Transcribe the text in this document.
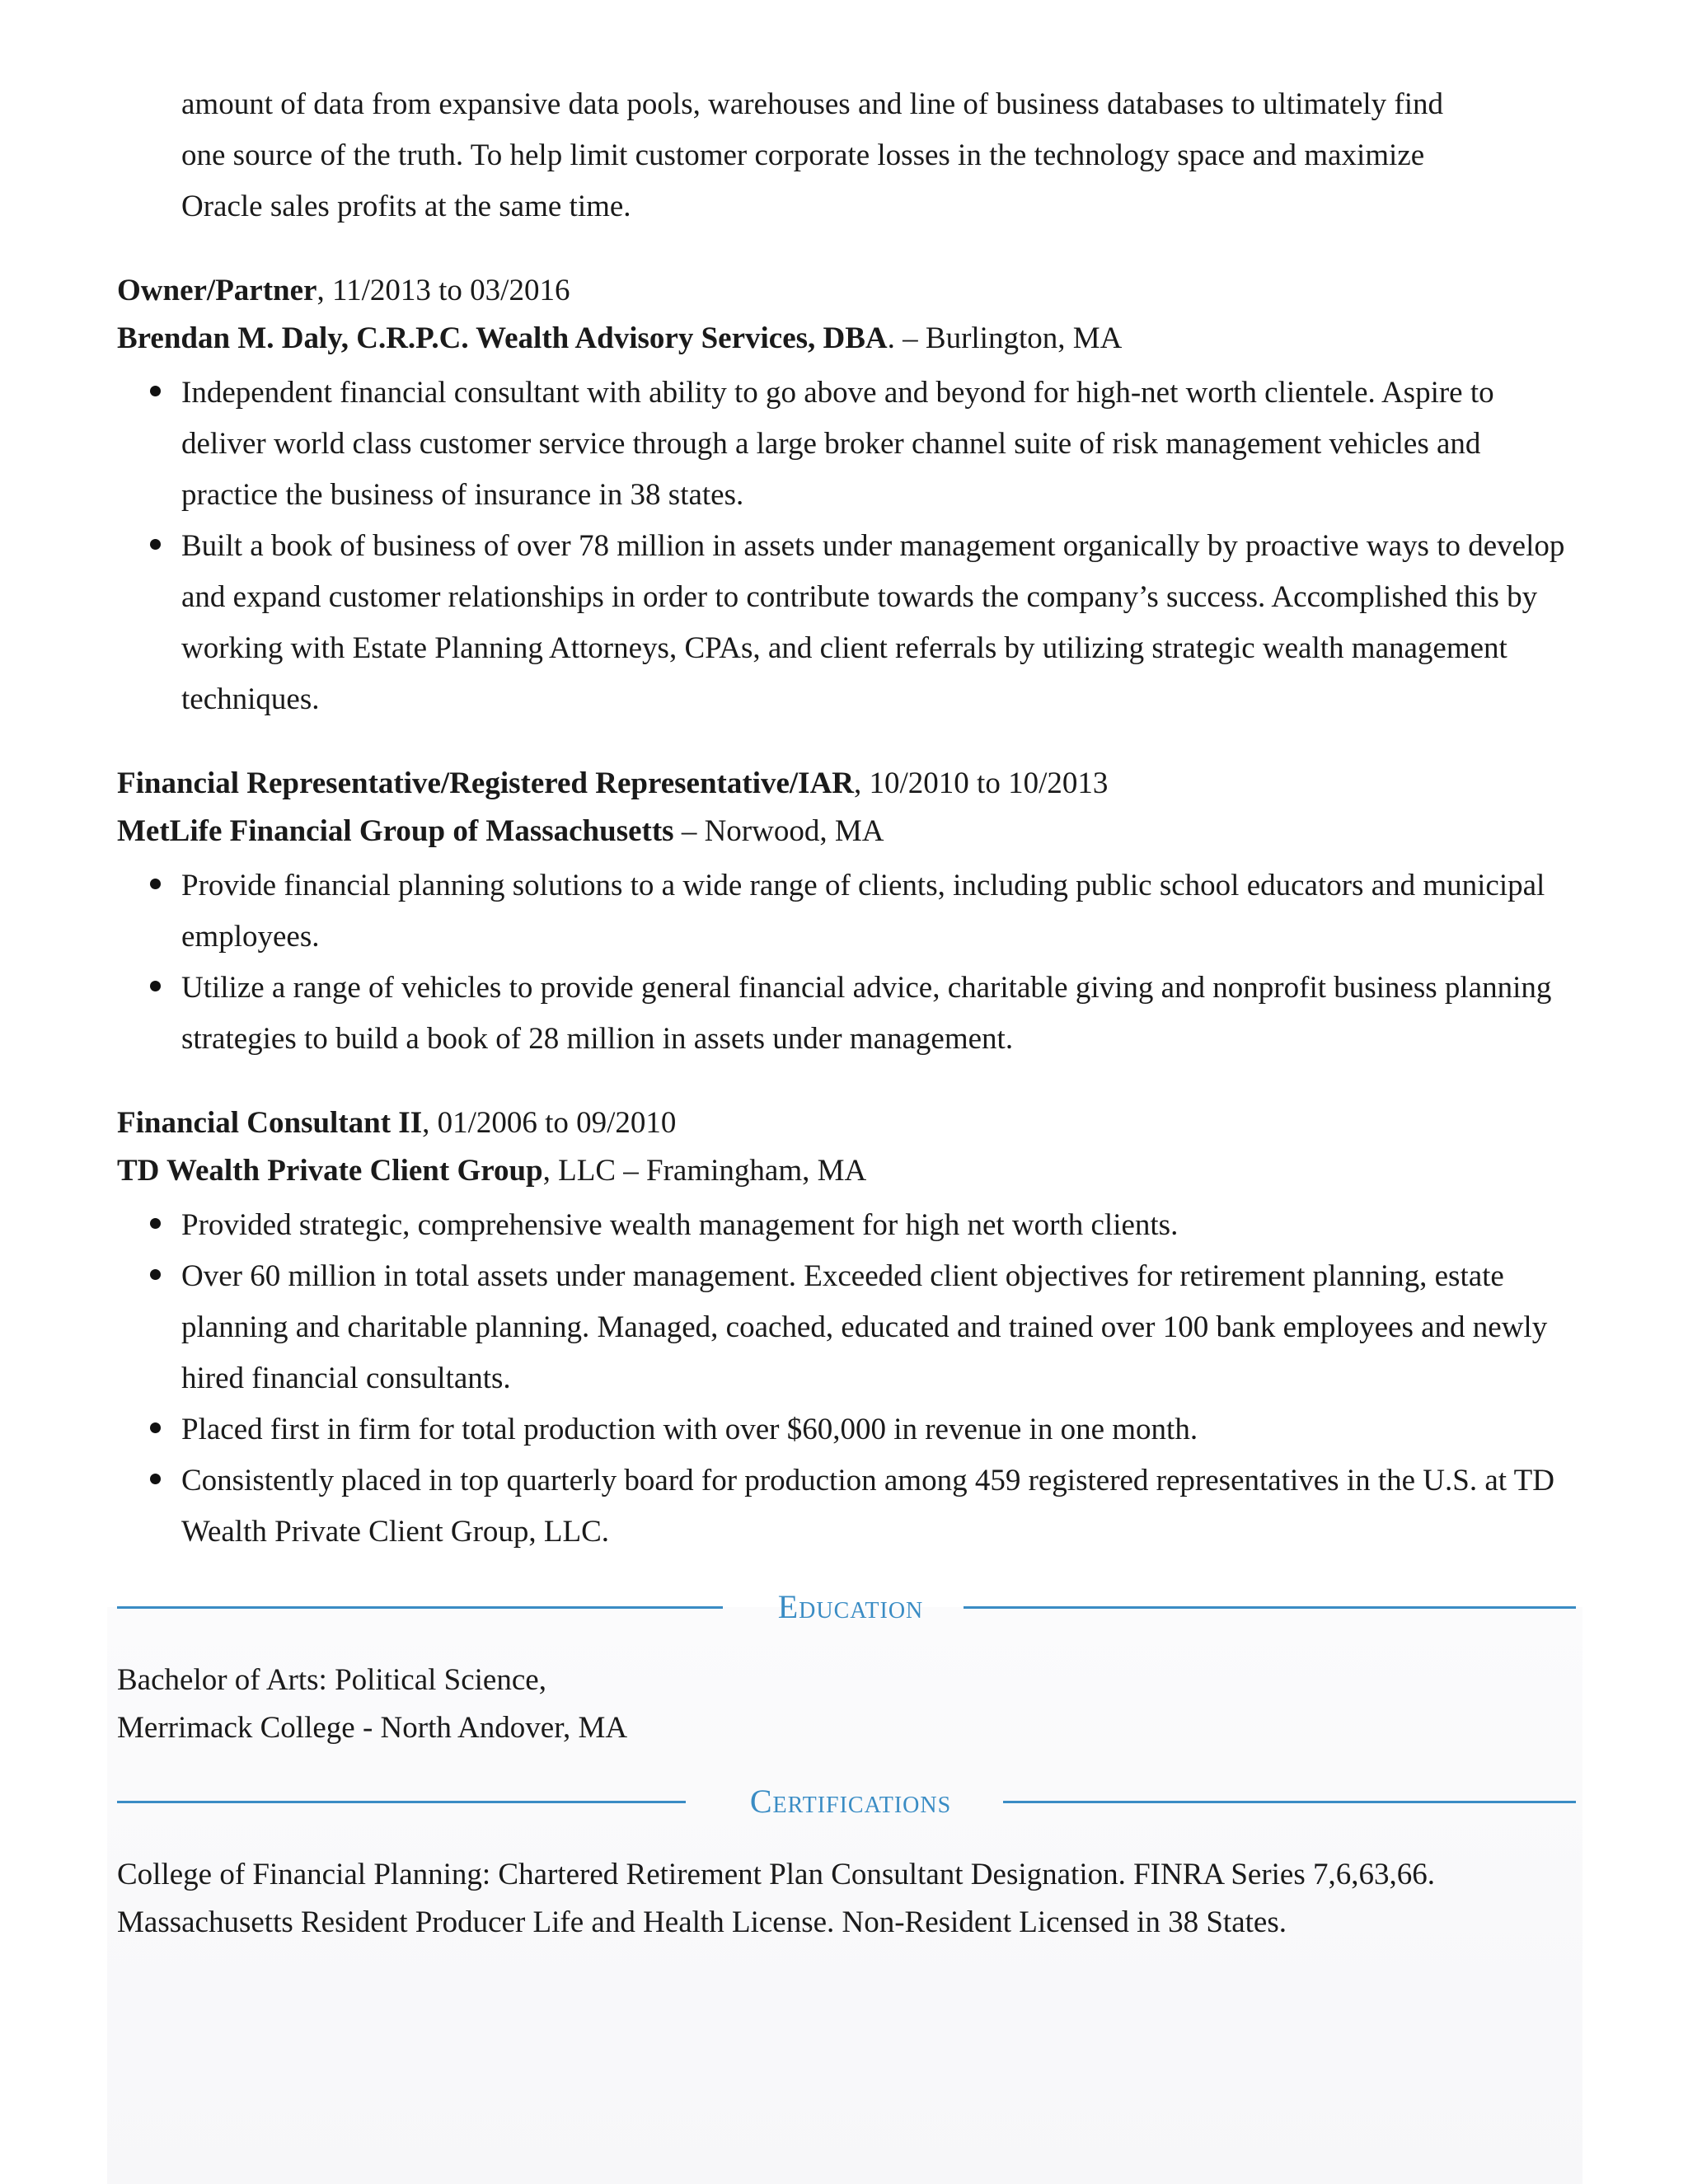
amount of data from expansive data pools, warehouses and line of business databases to ultimately find
one source of the truth. To help limit customer corporate losses in the technology space and maximize
Oracle sales profits at the same time.
Owner/Partner, 11/2013 to 03/2016
Brendan M. Daly, C.R.P.C. Wealth Advisory Services, DBA. – Burlington, MA
Independent financial consultant with ability to go above and beyond for high-net worth clientele. Aspire to deliver world class customer service through a large broker channel suite of risk management vehicles and practice the business of insurance in 38 states.
Built a book of business of over 78 million in assets under management organically by proactive ways to develop and expand customer relationships in order to contribute towards the company’s success. Accomplished this by working with Estate Planning Attorneys, CPAs, and client referrals by utilizing strategic wealth management techniques.
Financial Representative/Registered Representative/IAR, 10/2010 to 10/2013
MetLife Financial Group of Massachusetts – Norwood, MA
Provide financial planning solutions to a wide range of clients, including public school educators and municipal employees.
Utilize a range of vehicles to provide general financial advice, charitable giving and nonprofit business planning strategies to build a book of 28 million in assets under management.
Financial Consultant II, 01/2006 to 09/2010
TD Wealth Private Client Group, LLC – Framingham, MA
Provided strategic, comprehensive wealth management for high net worth clients.
Over 60 million in total assets under management. Exceeded client objectives for retirement planning, estate planning and charitable planning. Managed, coached, educated and trained over 100 bank employees and newly hired financial consultants.
Placed first in firm for total production with over $60,000 in revenue in one month.
Consistently placed in top quarterly board for production among 459 registered representatives in the U.S. at TD Wealth Private Client Group, LLC.
Education
Bachelor of Arts: Political Science,
Merrimack College - North Andover, MA
Certifications
College of Financial Planning: Chartered Retirement Plan Consultant Designation. FINRA Series 7,6,63,66.
Massachusetts Resident Producer Life and Health License. Non-Resident Licensed in 38 States.
